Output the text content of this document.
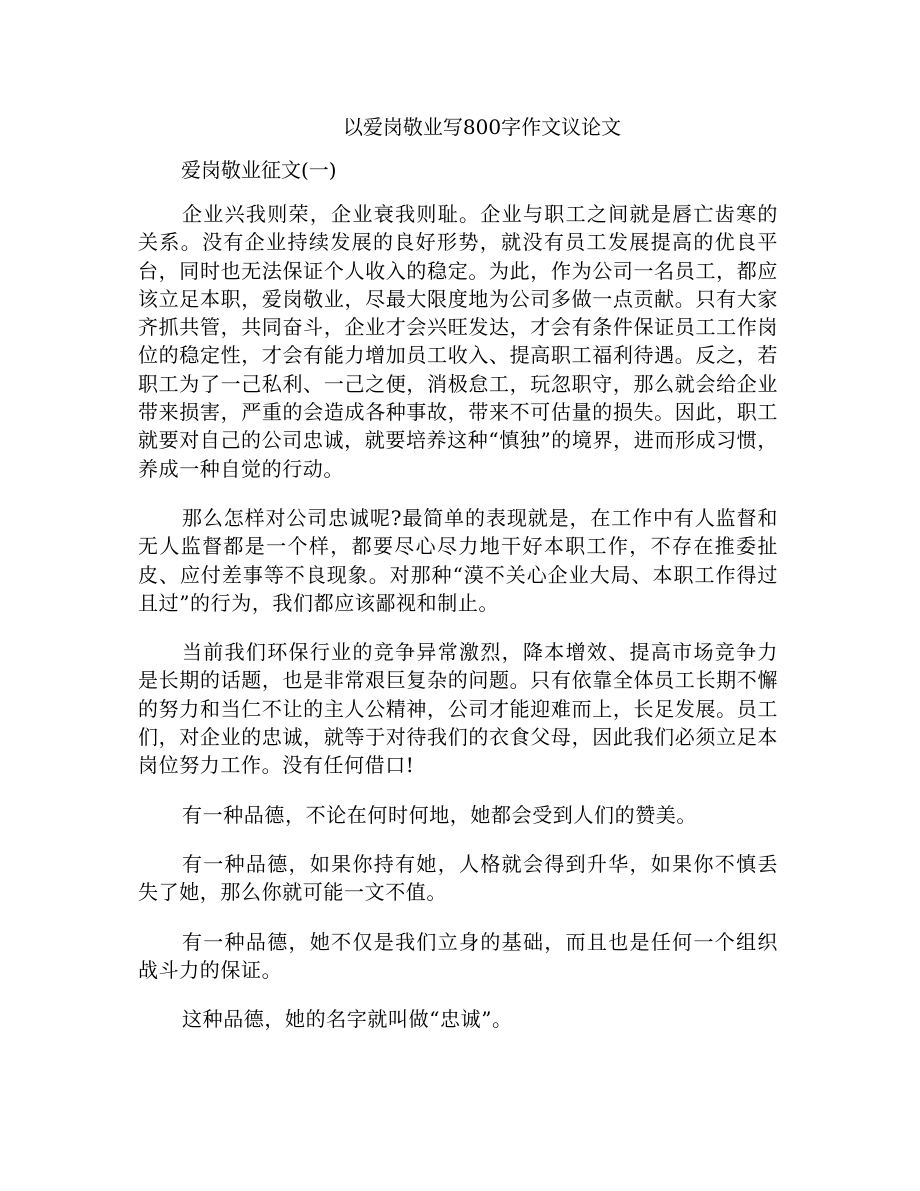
以爱岗敬业写800字作文议论文
爱岗敬业征文(一)

企业兴我则荣，企业衰我则耻。企业与职工之间就是唇亡齿寒的关系。没有企业持续发展的良好形势，就没有员工发展提高的优良平台，同时也无法保证个人收入的稳定。为此，作为公司一名员工，都应该立足本职，爱岗敬业，尽最大限度地为公司多做一点贡献。只有大家齐抓共管，共同奋斗，企业才会兴旺发达，才会有条件保证员工工作岗位的稳定性，才会有能力增加员工收入、提高职工福利待遇。反之，若职工为了一己私利、一己之便，消极怠工，玩忽职守，那么就会给企业带来损害，严重的会造成各种事故，带来不可估量的损失。因此，职工就要对自己的公司忠诚，就要培养这种“慎独”的境界，进而形成习惯，养成一种自觉的行动。

那么怎样对公司忠诚呢?最简单的表现就是，在工作中有人监督和无人监督都是一个样，都要尽心尽力地干好本职工作，不存在推委扯皮、应付差事等不良现象。对那种“漠不关心企业大局、本职工作得过且过”的行为，我们都应该鄙视和制止。

当前我们环保行业的竞争异常激烈，降本增效、提高市场竞争力是长期的话题，也是非常艰巨复杂的问题。只有依靠全体员工长期不懈的努力和当仁不让的主人公精神，公司才能迎难而上，长足发展。员工们，对企业的忠诚，就等于对待我们的衣食父母，因此我们必须立足本岗位努力工作。没有任何借口!

有一种品德，不论在何时何地，她都会受到人们的赞美。

有一种品德，如果你持有她，人格就会得到升华，如果你不慎丢失了她，那么你就可能一文不值。

有一种品德，她不仅是我们立身的基础，而且也是任何一个组织战斗力的保证。

这种品德，她的名字就叫做“忠诚”。
